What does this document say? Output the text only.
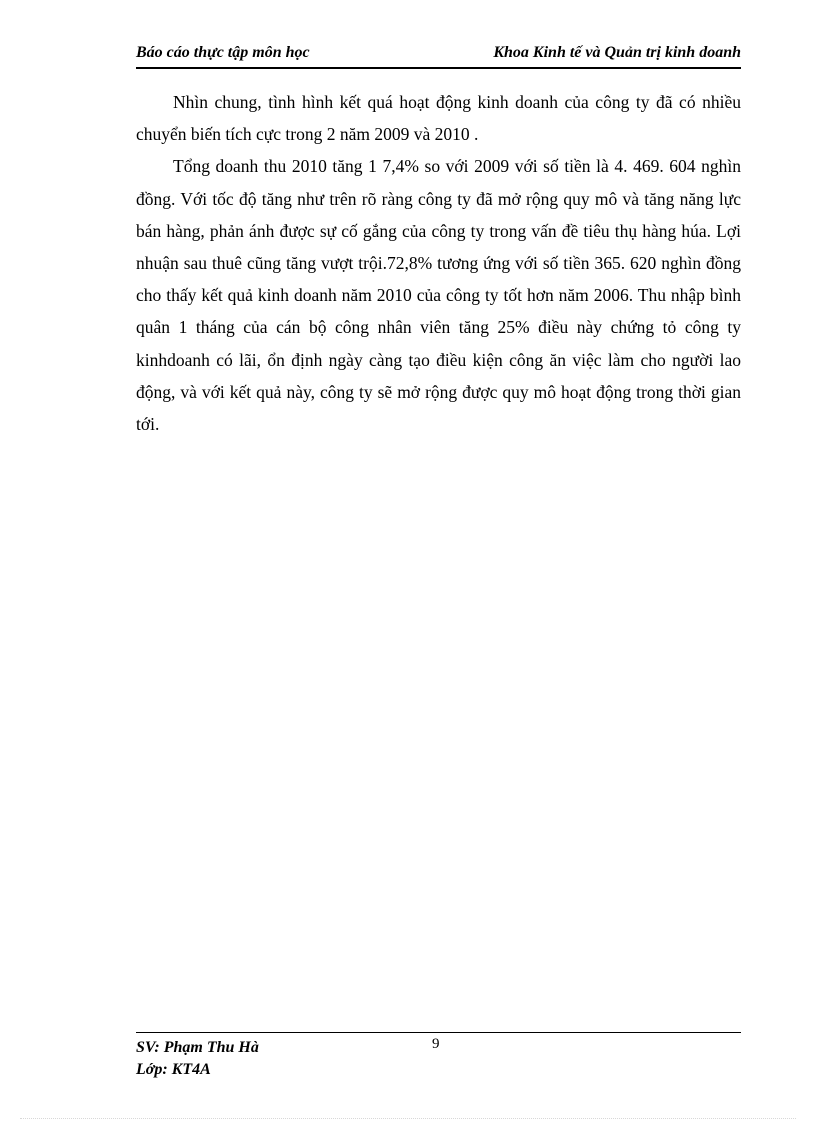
Báo cáo thực tập môn học	Khoa Kinh tế và Quản trị kinh doanh

Nhìn chung, tình hình kết quá hoạt động kinh doanh của công ty đã có nhiều chuyển biến tích cực trong 2 năm 2009 và 2010 .

Tổng doanh thu 2010 tăng 1 7,4% so với 2009 với số tiền là 4. 469. 604 nghìn đồng. Với tốc độ tăng như trên rõ ràng công ty đã mở rộng quy mô và tăng năng lực bán hàng, phản ánh được sự cố gắng của công ty trong vấn đề tiêu thụ hàng húa. Lợi nhuận sau thuê cũng tăng vượt trội.72,8% tương ứng với số tiền 365. 620 nghìn đồng cho thấy kết quả kinh doanh năm 2010 của công ty tốt hơn năm 2006. Thu nhập bình quân 1 tháng của cán bộ công nhân viên tăng 25% điều này chứng tỏ công ty kinhdoanh có lãi, ổn định ngày càng tạo điều kiện công ăn việc làm cho người lao động, và với kết quả này, công ty sẽ mở rộng được quy mô hoạt động trong thời gian tới.

SV: Phạm Thu Hà
Lớp: KT4A
9
